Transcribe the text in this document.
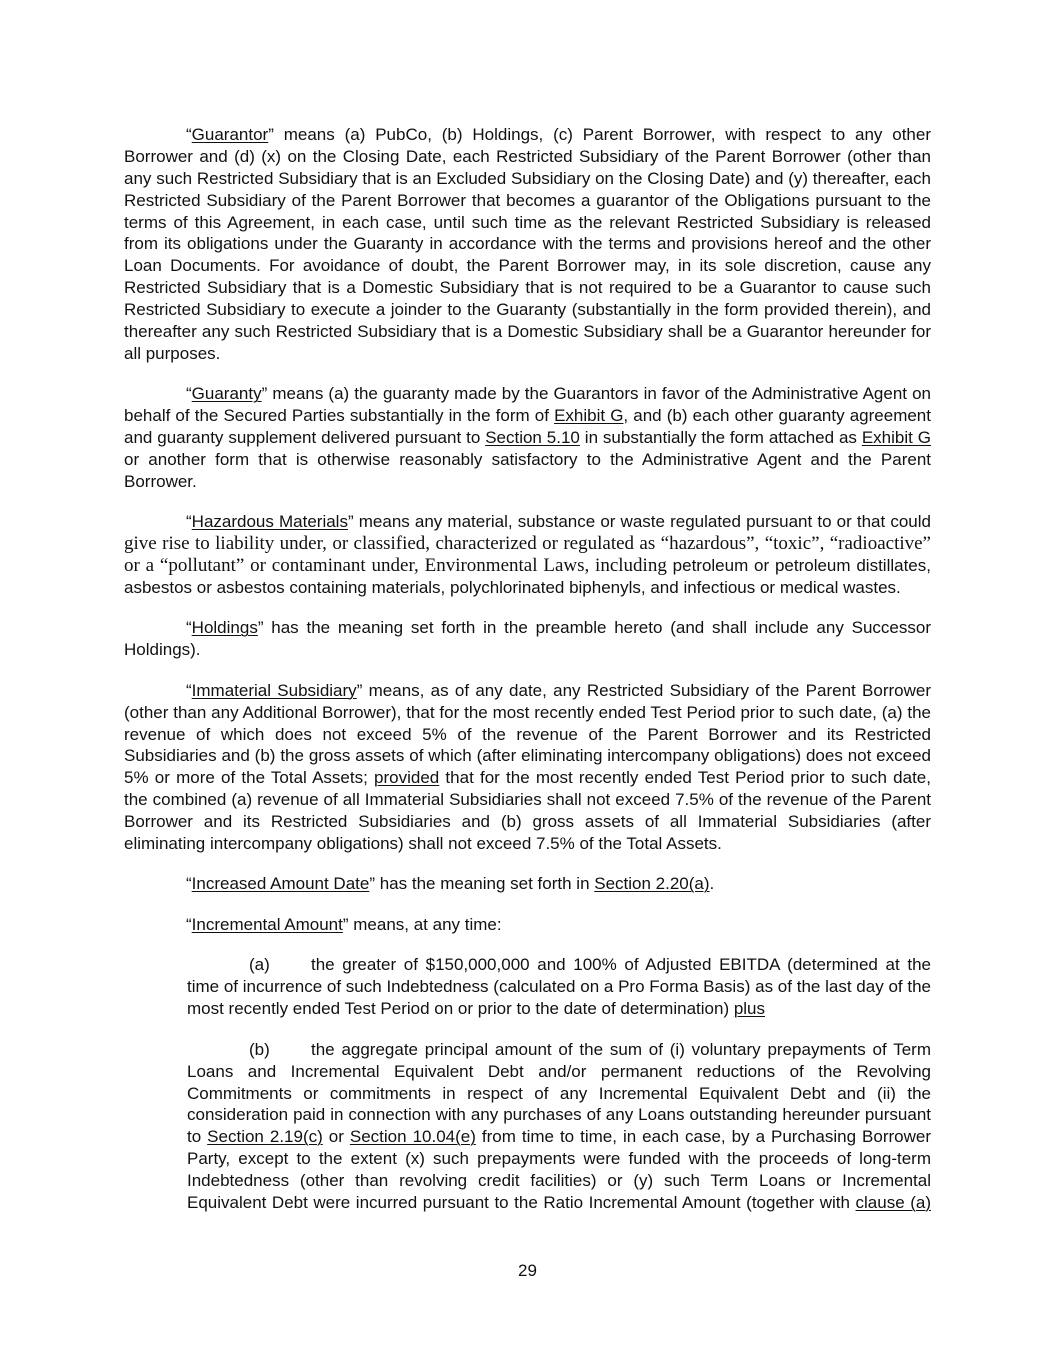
“Guarantor” means (a) PubCo, (b) Holdings, (c) Parent Borrower, with respect to any other Borrower and (d) (x) on the Closing Date, each Restricted Subsidiary of the Parent Borrower (other than any such Restricted Subsidiary that is an Excluded Subsidiary on the Closing Date) and (y) thereafter, each Restricted Subsidiary of the Parent Borrower that becomes a guarantor of the Obligations pursuant to the terms of this Agreement, in each case, until such time as the relevant Restricted Subsidiary is released from its obligations under the Guaranty in accordance with the terms and provisions hereof and the other Loan Documents. For avoidance of doubt, the Parent Borrower may, in its sole discretion, cause any Restricted Subsidiary that is a Domestic Subsidiary that is not required to be a Guarantor to cause such Restricted Subsidiary to execute a joinder to the Guaranty (substantially in the form provided therein), and thereafter any such Restricted Subsidiary that is a Domestic Subsidiary shall be a Guarantor hereunder for all purposes.

“Guaranty” means (a) the guaranty made by the Guarantors in favor of the Administrative Agent on behalf of the Secured Parties substantially in the form of Exhibit G, and (b) each other guaranty agreement and guaranty supplement delivered pursuant to Section 5.10 in substantially the form attached as Exhibit G or another form that is otherwise reasonably satisfactory to the Administrative Agent and the Parent Borrower.

“Hazardous Materials” means any material, substance or waste regulated pursuant to or that could give rise to liability under, or classified, characterized or regulated as “hazardous”, “toxic”, “radioactive” or a “pollutant” or contaminant under, Environmental Laws, including petroleum or petroleum distillates, asbestos or asbestos containing materials, polychlorinated biphenyls, and infectious or medical wastes.

“Holdings” has the meaning set forth in the preamble hereto (and shall include any Successor Holdings).

“Immaterial Subsidiary” means, as of any date, any Restricted Subsidiary of the Parent Borrower (other than any Additional Borrower), that for the most recently ended Test Period prior to such date, (a) the revenue of which does not exceed 5% of the revenue of the Parent Borrower and its Restricted Subsidiaries and (b) the gross assets of which (after eliminating intercompany obligations) does not exceed 5% or more of the Total Assets; provided that for the most recently ended Test Period prior to such date, the combined (a) revenue of all Immaterial Subsidiaries shall not exceed 7.5% of the revenue of the Parent Borrower and its Restricted Subsidiaries and (b) gross assets of all Immaterial Subsidiaries (after eliminating intercompany obligations) shall not exceed 7.5% of the Total Assets.

“Increased Amount Date” has the meaning set forth in Section 2.20(a).

“Incremental Amount” means, at any time:

(a) the greater of $150,000,000 and 100% of Adjusted EBITDA (determined at the time of incurrence of such Indebtedness (calculated on a Pro Forma Basis) as of the last day of the most recently ended Test Period on or prior to the date of determination) plus

(b) the aggregate principal amount of the sum of (i) voluntary prepayments of Term Loans and Incremental Equivalent Debt and/or permanent reductions of the Revolving Commitments or commitments in respect of any Incremental Equivalent Debt and (ii) the consideration paid in connection with any purchases of any Loans outstanding hereunder pursuant to Section 2.19(c) or Section 10.04(e) from time to time, in each case, by a Purchasing Borrower Party, except to the extent (x) such prepayments were funded with the proceeds of long-term Indebtedness (other than revolving credit facilities) or (y) such Term Loans or Incremental Equivalent Debt were incurred pursuant to the Ratio Incremental Amount (together with clause (a)

29
